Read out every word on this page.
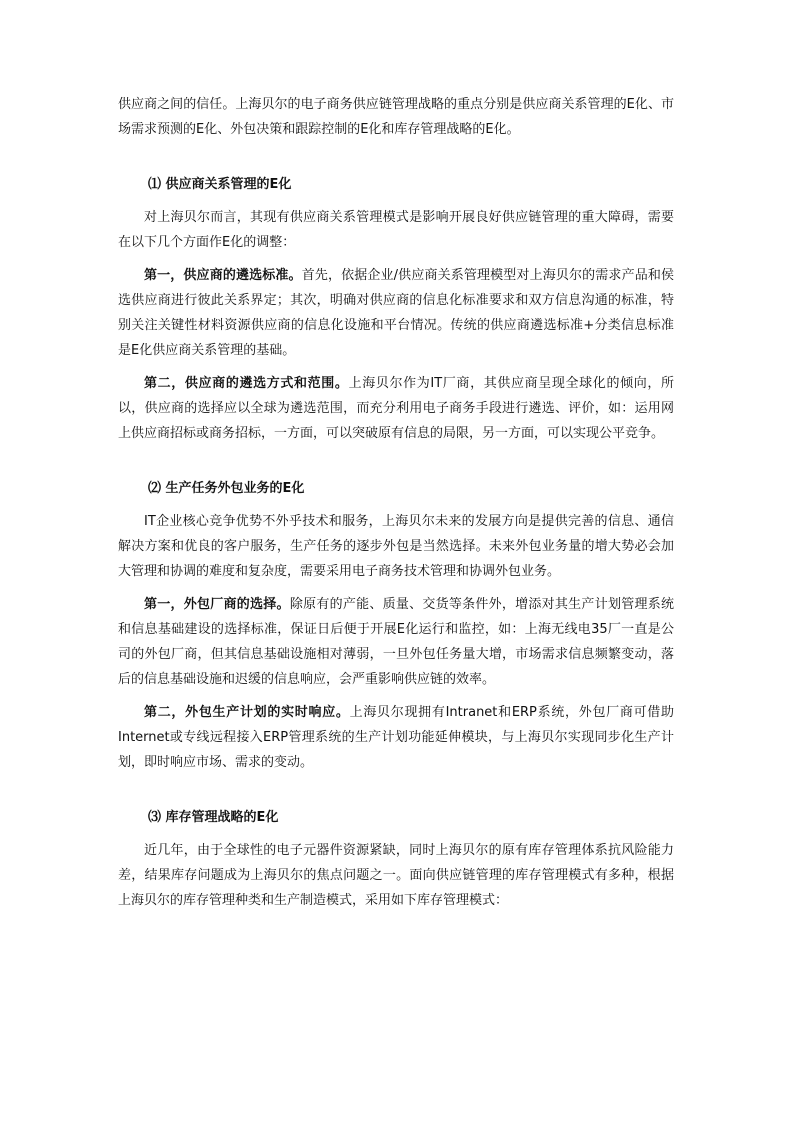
供应商之间的信任。上海贝尔的电子商务供应链管理战略的重点分别是供应商关系管理的E化、市场需求预测的E化、外包决策和跟踪控制的E化和库存管理战略的E化。

⑴ 供应商关系管理的E化

对上海贝尔而言，其现有供应商关系管理模式是影响开展良好供应链管理的重大障碍，需要在以下几个方面作E化的调整：

第一，供应商的遴选标准。首先，依据企业/供应商关系管理模型对上海贝尔的需求产品和侯选供应商进行彼此关系界定；其次，明确对供应商的信息化标准要求和双方信息沟通的标准，特别关注关键性材料资源供应商的信息化设施和平台情况。传统的供应商遴选标准+分类信息标准是E化供应商关系管理的基础。

第二，供应商的遴选方式和范围。上海贝尔作为IT厂商，其供应商呈现全球化的倾向，所以，供应商的选择应以全球为遴选范围，而充分利用电子商务手段进行遴选、评价，如：运用网上供应商招标或商务招标，一方面，可以突破原有信息的局限，另一方面，可以实现公平竞争。

⑵ 生产任务外包业务的E化

IT企业核心竞争优势不外乎技术和服务，上海贝尔未来的发展方向是提供完善的信息、通信解决方案和优良的客户服务，生产任务的逐步外包是当然选择。未来外包业务量的增大势必会加大管理和协调的难度和复杂度，需要采用电子商务技术管理和协调外包业务。

第一，外包厂商的选择。除原有的产能、质量、交货等条件外，增添对其生产计划管理系统和信息基础建设的选择标准，保证日后便于开展E化运行和监控，如：上海无线电35厂一直是公司的外包厂商，但其信息基础设施相对薄弱，一旦外包任务量大增，市场需求信息频繁变动，落后的信息基础设施和迟缓的信息响应，会严重影响供应链的效率。

第二，外包生产计划的实时响应。上海贝尔现拥有Intranet和ERP系统，外包厂商可借助Internet或专线远程接入ERP管理系统的生产计划功能延伸模块，与上海贝尔实现同步化生产计划，即时响应市场、需求的变动。

⑶ 库存管理战略的E化

近几年，由于全球性的电子元器件资源紧缺，同时上海贝尔的原有库存管理体系抗风险能力差，结果库存问题成为上海贝尔的焦点问题之一。面向供应链管理的库存管理模式有多种，根据上海贝尔的库存管理种类和生产制造模式，采用如下库存管理模式：
